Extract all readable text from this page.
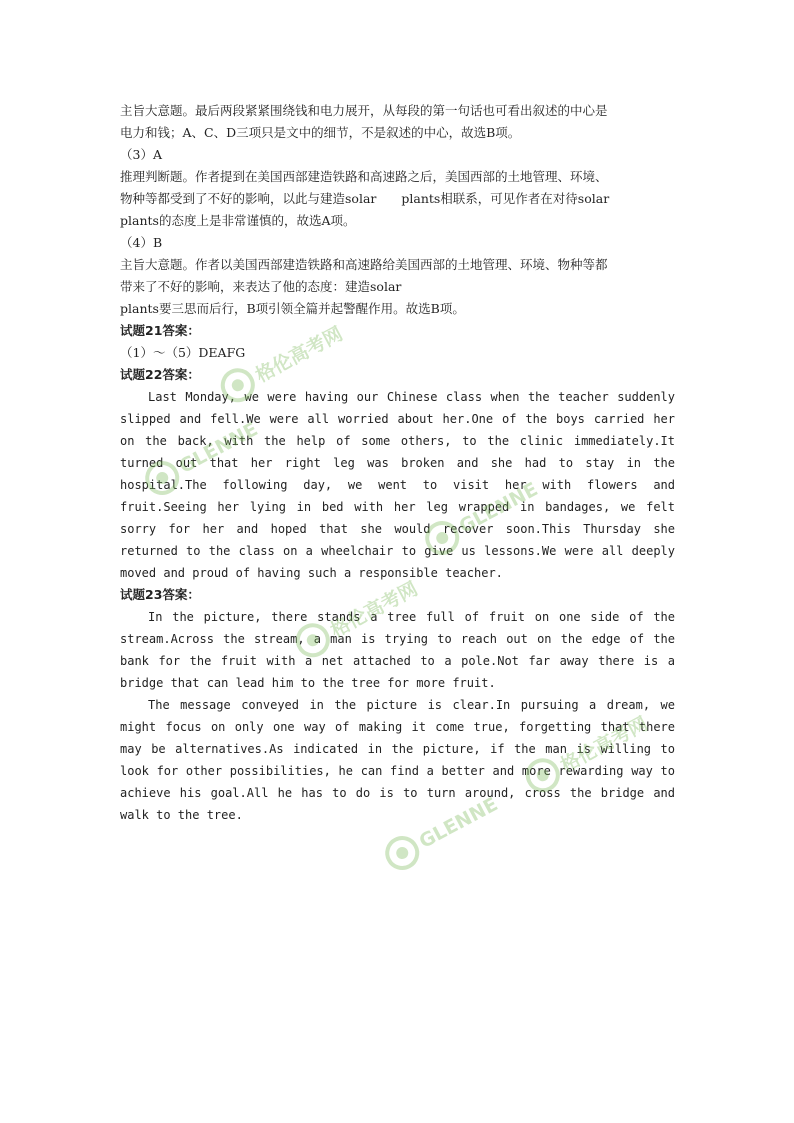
主旨大意题。最后两段紧紧围绕钱和电力展开，从每段的第一句话也可看出叙述的中心是
电力和钱；A、C、D三项只是文中的细节，不是叙述的中心，故选B项。
（3）A
推理判断题。作者提到在美国西部建造铁路和高速路之后，美国西部的土地管理、环境、
物种等都受到了不好的影响，以此与建造solar　　plants相联系，可见作者在对待solar
plants的态度上是非常谨慎的，故选A项。
（4）B
主旨大意题。作者以美国西部建造铁路和高速路给美国西部的土地管理、环境、物种等都
带来了不好的影响，来表达了他的态度：建造solar
plants要三思而后行，B项引领全篇并起警醒作用。故选B项。
试题21答案：
（1）～（5）DEAFG
试题22答案：

Last Monday, we were having our Chinese class when the teacher suddenly slipped and fell.We were all worried about her.One of the boys carried her on the back, with the help of some others, to the clinic immediately.It turned out that her right leg was broken and she had to stay in the hospital.The following day, we went to visit her with flowers and fruit.Seeing her lying in bed with her leg wrapped in bandages, we felt sorry for her and hoped that she would recover soon.This Thursday she returned to the class on a wheelchair to give us lessons.We were all deeply moved and proud of having such a responsible teacher.

试题23答案：

In the picture, there stands a tree full of fruit on one side of the stream.Across the stream, a man is trying to reach out on the edge of the bank for the fruit with a net attached to a pole.Not far away there is a bridge that can lead him to the tree for more fruit.

The message conveyed in the picture is clear.In pursuing a dream, we might focus on only one way of making it come true, forgetting that there may be alternatives.As indicated in the picture, if the man is willing to look for other possibilities, he can find a better and more rewarding way to achieve his goal.All he has to do is to turn around, cross the bridge and walk to the tree.

格伦高考网
GLENNE
GLENNE
格伦高考网
格伦高考网
GLENNE
